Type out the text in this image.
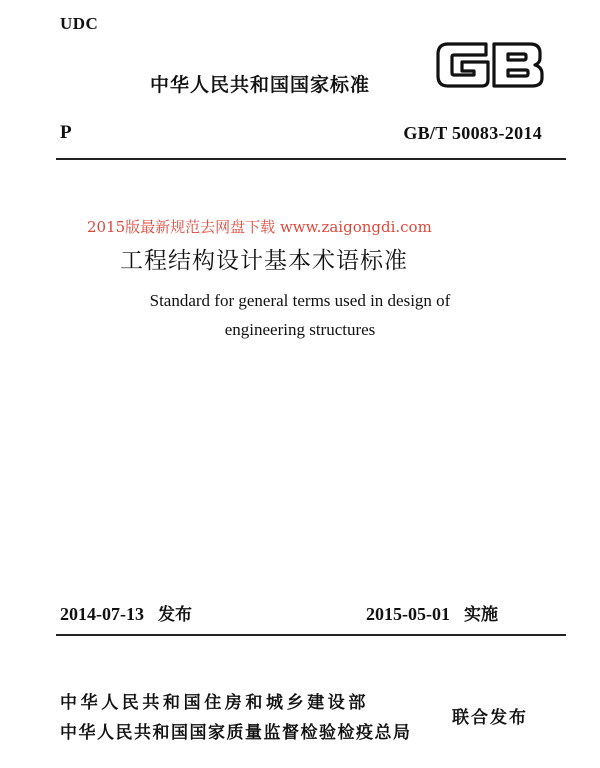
UDC
中华人民共和国国家标准
P	GB/T 50083-2014
2015版最新规范去网盘下载 www.zaigongdi.com
工程结构设计基本术语标准
Standard for general terms used in design of
engineering structures
2014-07-13 发布	2015-05-01 实施
中华人民共和国住房和城乡建设部
中华人民共和国国家质量监督检验检疫总局
联合发布
